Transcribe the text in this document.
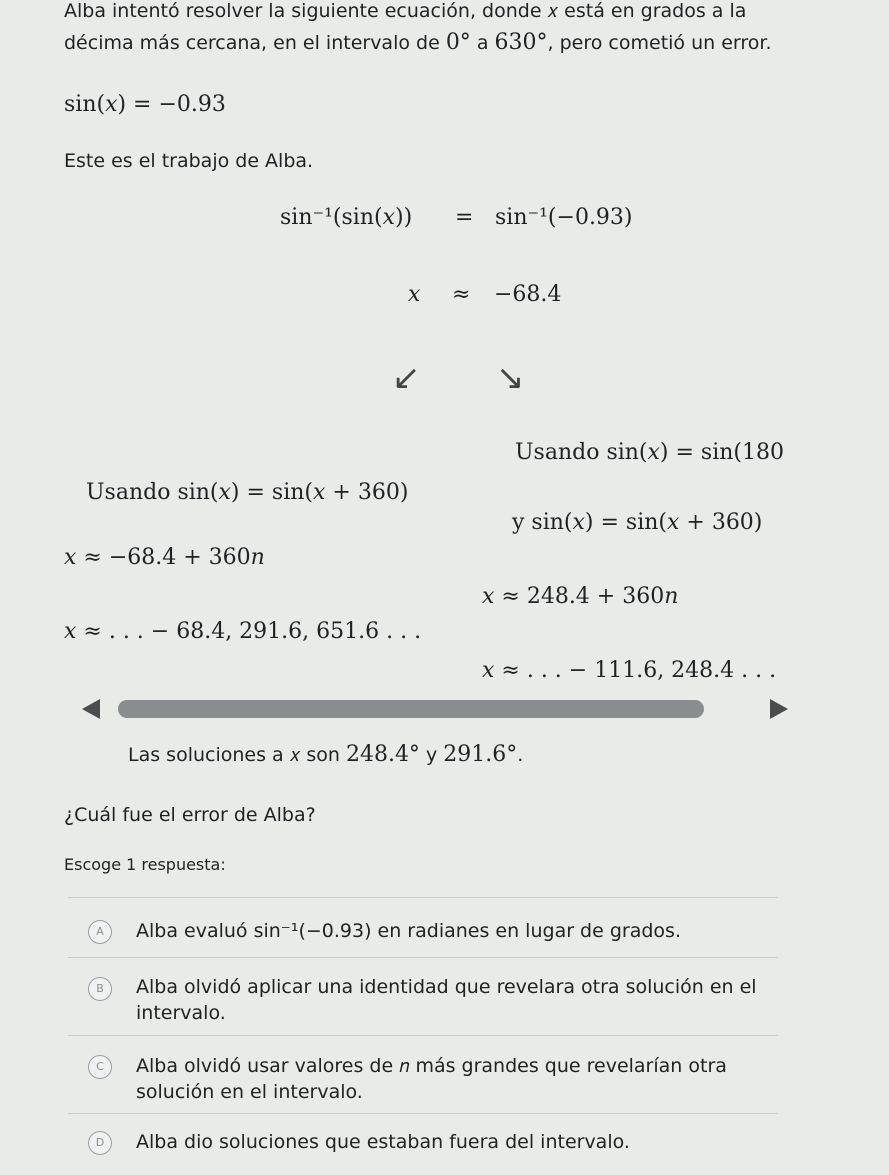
Alba intentó resolver la siguiente ecuación, donde 𝑥 está en grados a la
décima más cercana, en el intervalo de 0° a 630°, pero cometió un error.
sin(𝑥) = −0.93
Este es el trabajo de Alba.
sin⁻¹(sin(𝑥)) = sin⁻¹(−0.93)
𝑥 ≈ −68.4
↙ ↘
Usando sin(𝑥) = sin(180
y sin(𝑥) = sin(𝑥 + 360)
𝑥 ≈ 248.4 + 360𝑛
𝑥 ≈ . . . − 111.6, 248.4 . . .
Usando sin(𝑥) = sin(𝑥 + 360)
𝑥 ≈ −68.4 + 360𝑛
𝑥 ≈ . . . − 68.4, 291.6, 651.6 . . .
Las soluciones a 𝑥 son 248.4° y 291.6°.
¿Cuál fue el error de Alba?
Escoge 1 respuesta:
A	Alba evaluó sin⁻¹(−0.93) en radianes en lugar de grados.
B	Alba olvidó aplicar una identidad que revelara otra solución en el
intervalo.
C	Alba olvidó usar valores de 𝑛 más grandes que revelarían otra
solución en el intervalo.
D	Alba dio soluciones que estaban fuera del intervalo.
